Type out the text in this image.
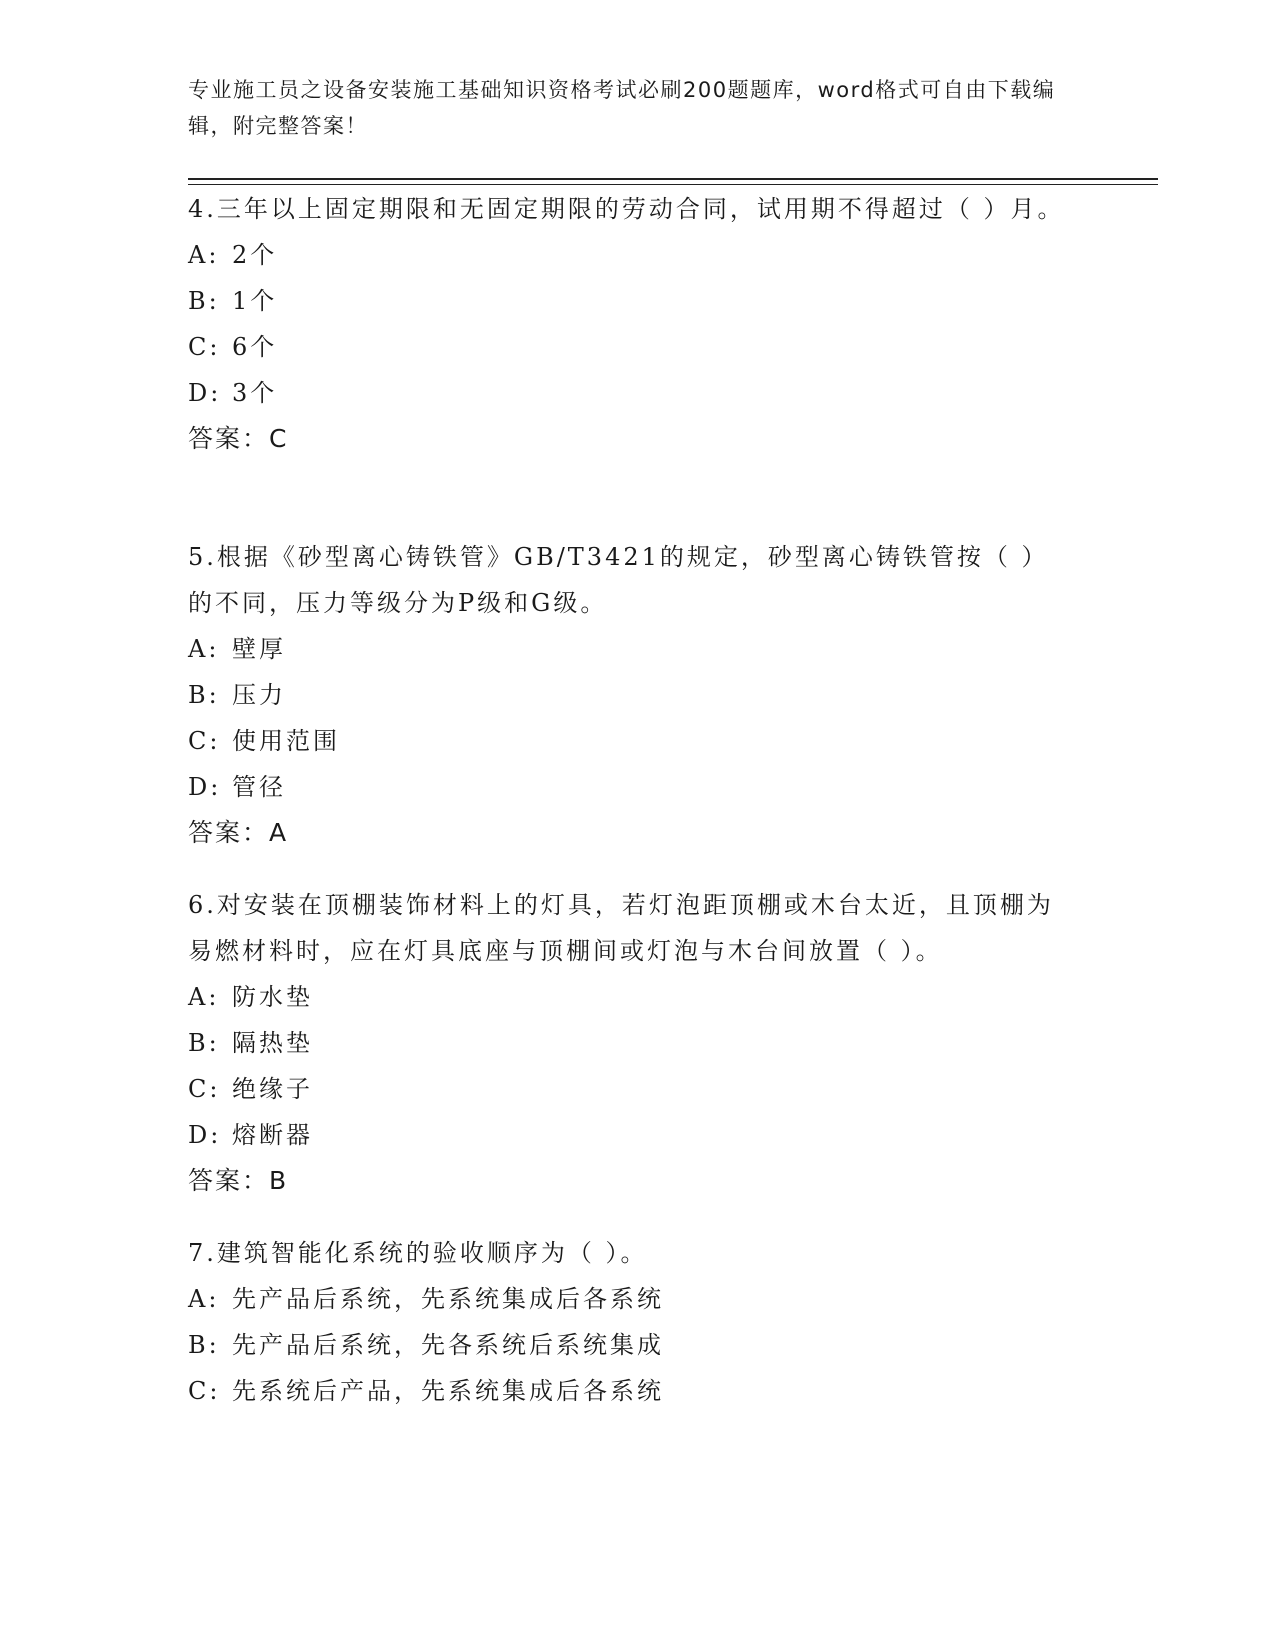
专业施工员之设备安装施工基础知识资格考试必刷200题题库，word格式可自由下载编辑，附完整答案！

4.三年以上固定期限和无固定期限的劳动合同，试用期不得超过（ ）月。

A: 2个

B: 1个

C: 6个

D: 3个

答案：C

5.根据《砂型离心铸铁管》GB/T3421的规定，砂型离心铸铁管按（ ）的不同，压力等级分为P级和G级。

A: 壁厚

B: 压力

C: 使用范围

D: 管径

答案：A

6.对安装在顶棚装饰材料上的灯具，若灯泡距顶棚或木台太近，且顶棚为易燃材料时，应在灯具底座与顶棚间或灯泡与木台间放置（ ）。

A: 防水垫

B: 隔热垫

C: 绝缘子

D: 熔断器

答案：B

7.建筑智能化系统的验收顺序为（ ）。

A: 先产品后系统，先系统集成后各系统

B: 先产品后系统，先各系统后系统集成

C: 先系统后产品，先系统集成后各系统
